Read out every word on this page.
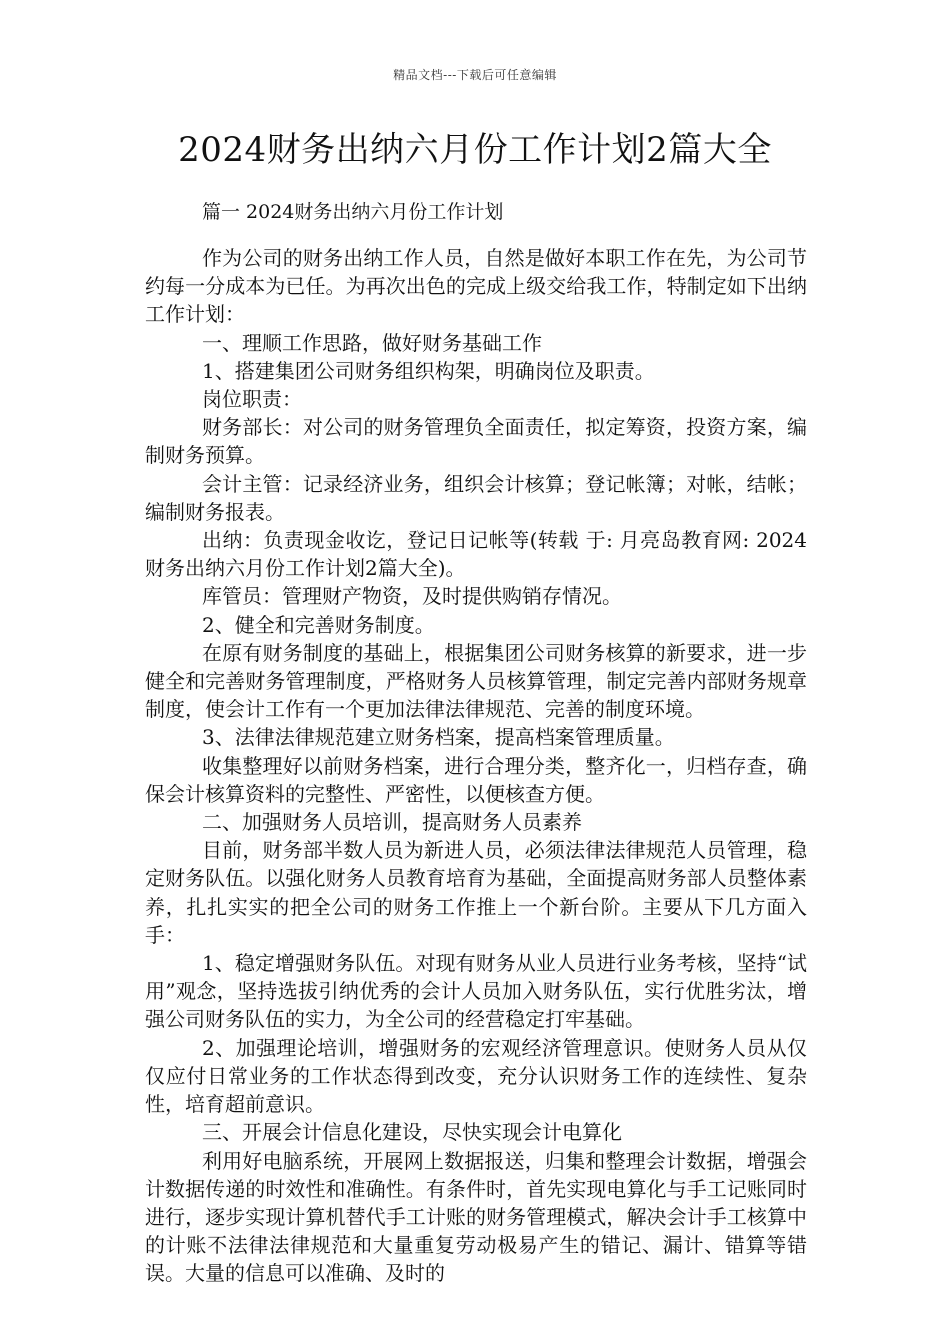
精品文档---下载后可任意编辑
2024财务出纳六月份工作计划2篇大全
篇一 2024财务出纳六月份工作计划

作为公司的财务出纳工作人员，自然是做好本职工作在先，为公司节约每一分成本为已任。为再次出色的完成上级交给我工作，特制定如下出纳工作计划：

一、理顺工作思路，做好财务基础工作

1、搭建集团公司财务组织构架，明确岗位及职责。

岗位职责：

财务部长：对公司的财务管理负全面责任，拟定筹资，投资方案，编制财务预算。

会计主管：记录经济业务，组织会计核算；登记帐簿；对帐，结帐；编制财务报表。

出纳：负责现金收讫，登记日记帐等(转载 于: 月亮岛教育网: 2024财务出纳六月份工作计划2篇大全)。

库管员：管理财产物资，及时提供购销存情况。

2、健全和完善财务制度。

在原有财务制度的基础上，根据集团公司财务核算的新要求，进一步健全和完善财务管理制度，严格财务人员核算管理，制定完善内部财务规章制度，使会计工作有一个更加法律法律规范、完善的制度环境。

3、法律法律规范建立财务档案，提高档案管理质量。

收集整理好以前财务档案，进行合理分类，整齐化一，归档存查，确保会计核算资料的完整性、严密性，以便核查方便。

二、加强财务人员培训，提高财务人员素养

目前，财务部半数人员为新进人员，必须法律法律规范人员管理，稳定财务队伍。以强化财务人员教育培育为基础，全面提高财务部人员整体素养，扎扎实实的把全公司的财务工作推上一个新台阶。主要从下几方面入手：

1、稳定增强财务队伍。对现有财务从业人员进行业务考核，坚持“试用”观念，坚持选拔引纳优秀的会计人员加入财务队伍，实行优胜劣汰，增强公司财务队伍的实力，为全公司的经营稳定打牢基础。

2、加强理论培训，增强财务的宏观经济管理意识。使财务人员从仅仅应付日常业务的工作状态得到改变，充分认识财务工作的连续性、复杂性，培育超前意识。

三、开展会计信息化建设，尽快实现会计电算化

利用好电脑系统，开展网上数据报送，归集和整理会计数据，增强会计数据传递的时效性和准确性。有条件时，首先实现电算化与手工记账同时进行，逐步实现计算机替代手工计账的财务管理模式，解决会计手工核算中的计账不法律法律规范和大量重复劳动极易产生的错记、漏计、错算等错误。大量的信息可以准确、及时的
